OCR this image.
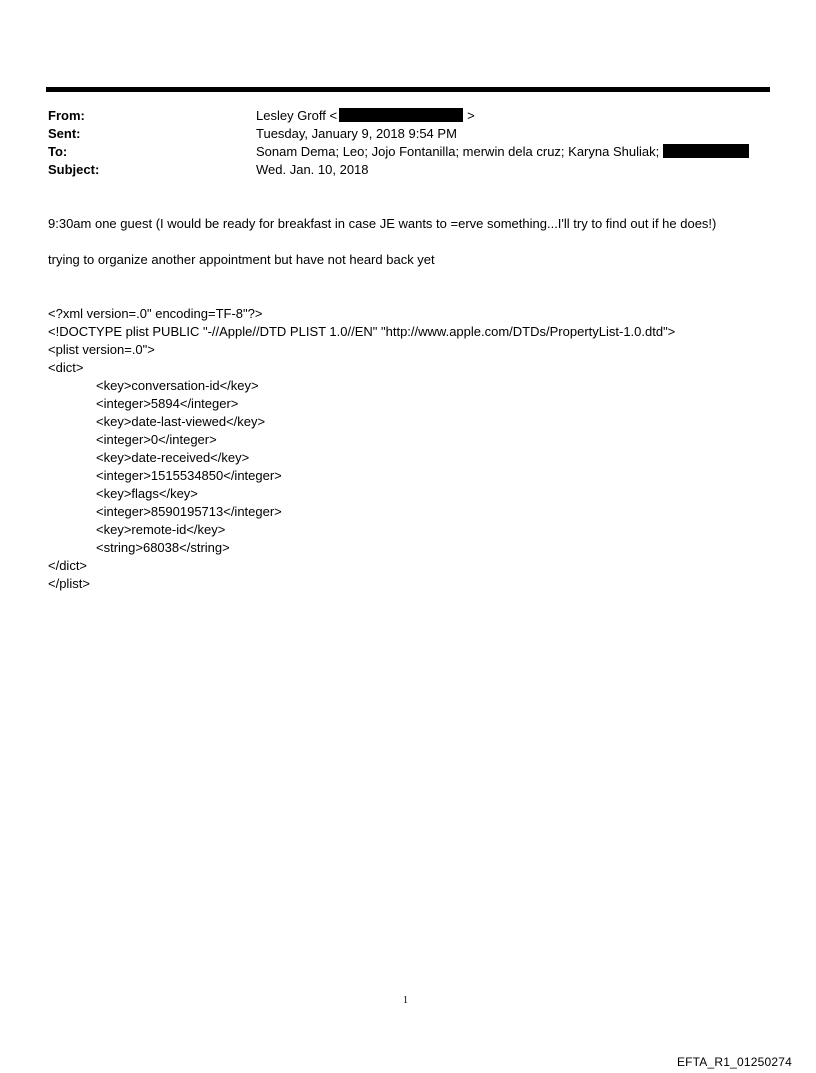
From:	Lesley Groff <	>
Sent:	Tuesday, January 9, 2018 9:54 PM
To:	Sonam Dema; Leo; Jojo Fontanilla; merwin dela cruz; Karyna Shuliak;
Subject:	Wed. Jan. 10, 2018
9:30am one guest (I would be ready for breakfast in case JE wants to =erve something...I'll try to find out if he does!)
trying to organize another appointment but have not heard back yet
<?xml version=.0" encoding=TF-8"?>
<!DOCTYPE plist PUBLIC "-//Apple//DTD PLIST 1.0//EN" "http://www.apple.com/DTDs/PropertyList-1.0.dtd">
<plist version=.0">
<dict>
<key>conversation-id</key>
<integer>5894</integer>
<key>date-last-viewed</key>
<integer>0</integer>
<key>date-received</key>
<integer>1515534850</integer>
<key>flags</key>
<integer>8590195713</integer>
<key>remote-id</key>
<string>68038</string>
</dict>
</plist>
1
EFTA_R1_01250274
